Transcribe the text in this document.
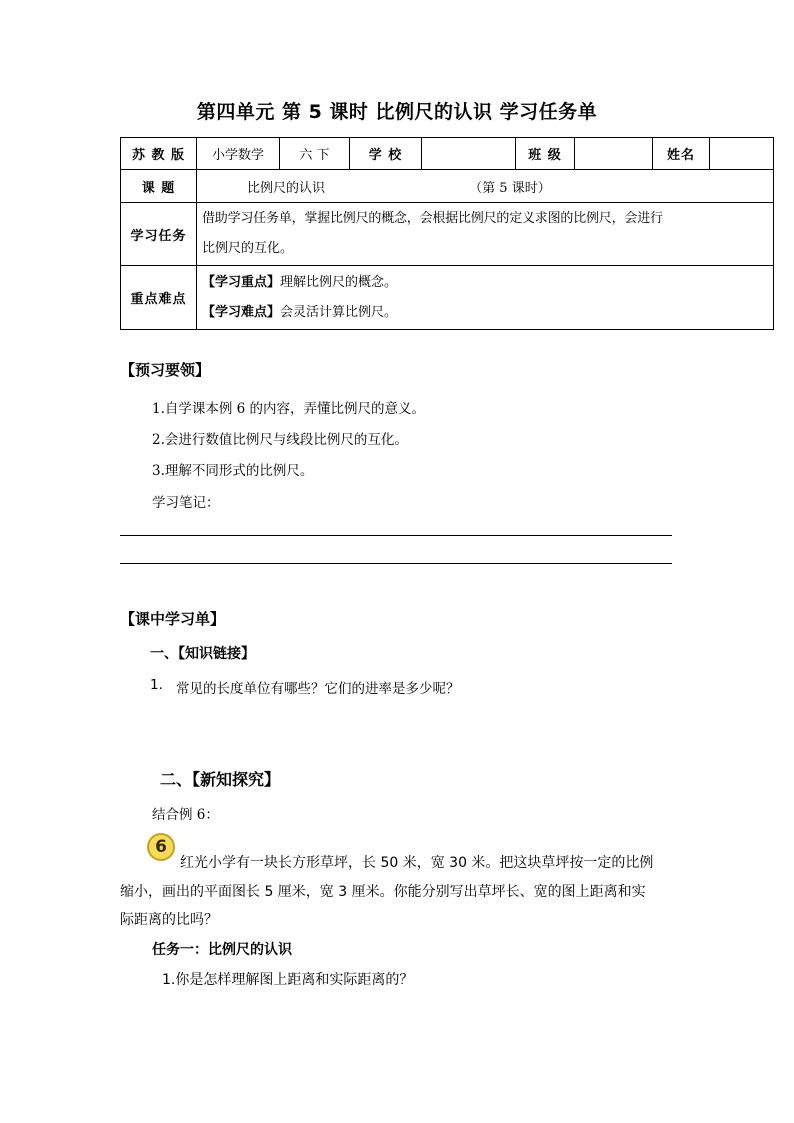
第四单元 第 5 课时 比例尺的认识 学习任务单
苏 教 版	小学数学	六 下	学 校		班 级		姓名	
课 题	比例尺的认识 （第 5 课时）							
学习任务	借助学习任务单，掌握比例尺的概念，会根据比例尺的定义求图的比例尺，会进行
比例尺的互化。							

重点难点	【学习重点】理解比例尺的概念。
【学习难点】会灵活计算比例尺。							
【预习要领】
1.自学课本例 6 的内容，弄懂比例尺的意义。
2.会进行数值比例尺与线段比例尺的互化。
3.理解不同形式的比例尺。
学习笔记：
【课中学习单】
一、【知识链接】
1. 常见的长度单位有哪些？它们的进率是多少呢？
二、【新知探究】
结合例 6：
6
红光小学有一块长方形草坪，长 50 米，宽 30 米。把这块草坪按一定的比例
缩小，画出的平面图长 5 厘米，宽 3 厘米。你能分别写出草坪长、宽的图上距离和实
际距离的比吗？
任务一：比例尺的认识
1.你是怎样理解图上距离和实际距离的？
